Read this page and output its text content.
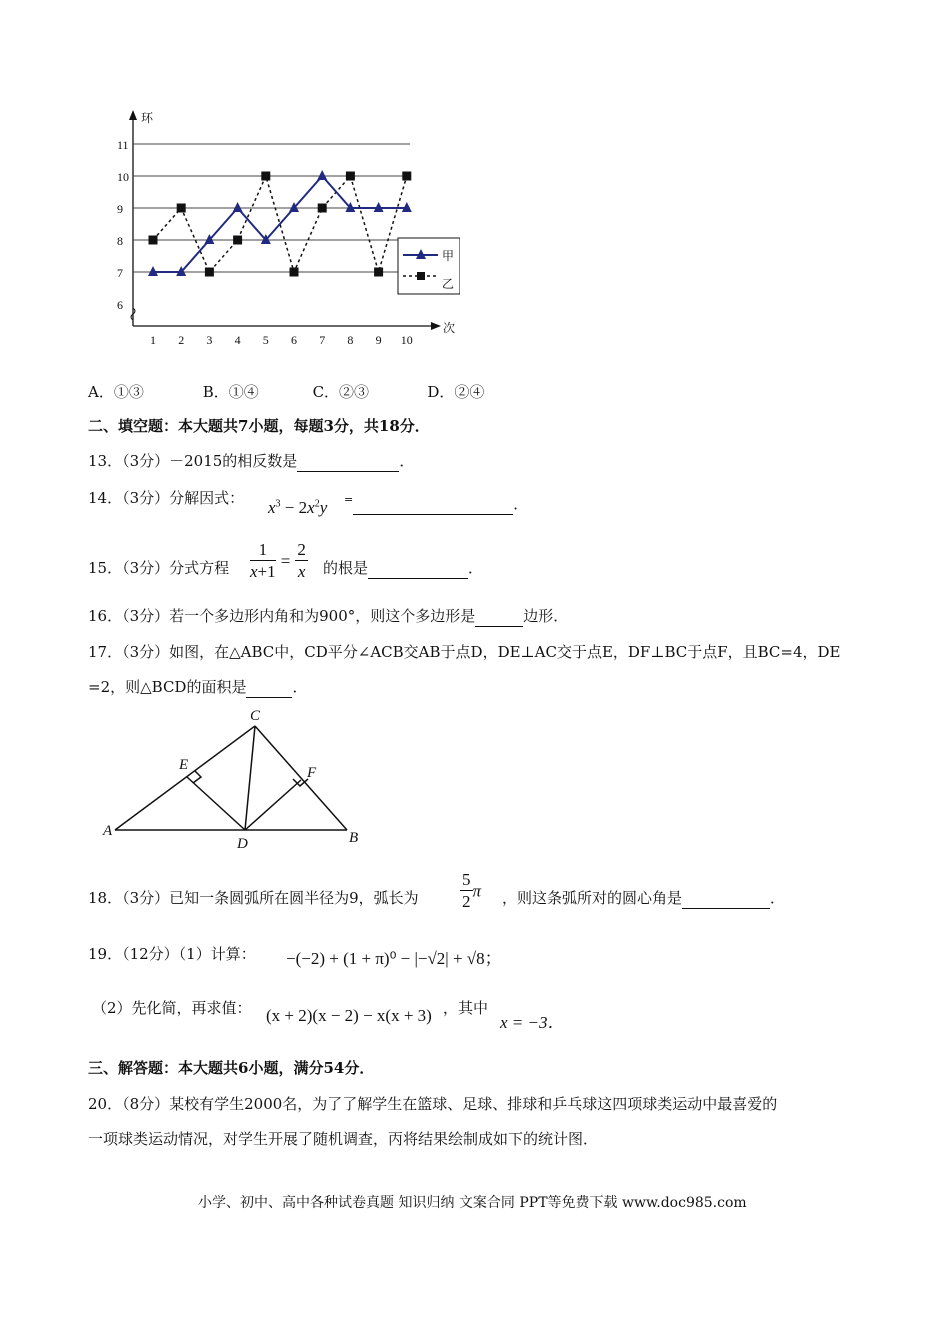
6
7
8
9
10
11
1 2 3 4 5 6 7 8 9 10
环
次
甲
乙
A．①③	B．①④	C．②③	D．②④
二、填空题：本大题共7小题，每题3分，共18分．
13．（3分）－2015的相反数是	．
14．（3分）分解因式： $x^3 - 2x^2y$ =	．
15．（3分）分式方程 $\frac{1}{x+1} = \frac{2}{x}$ 的根是	．
16．（3分）若一个多边形内角和为900°，则这个多边形是	边形．
17．（3分）如图，在△ABC中，CD平分∠ACB交AB于点D，DE⊥AC交于点E，DF⊥BC于点F，且BC=4，DE
=2，则△BCD的面积是	．
C
E	F
A
D	B
18．（3分）已知一条圆弧所在圆半径为9，弧长为 $\frac{5}{2}$ π ，则这条弧所对的圆心角是	．
19．（12分）（1）计算： −(−2) + (1 + π)⁰ − |−√2| + √8；
（2）先化简，再求值： (x + 2)(x − 2) − x(x + 3) ，其中
x = −3．
三、解答题：本大题共6小题，满分54分．
20．（8分）某校有学生2000名，为了了解学生在篮球、足球、排球和乒乓球这四项球类运动中最喜爱的
一项球类运动情况，对学生开展了随机调查，丙将结果绘制成如下的统计图．
小学、初中、高中各种试卷真题 知识归纳 文案合同 PPT等免费下载 www.doc985.com
